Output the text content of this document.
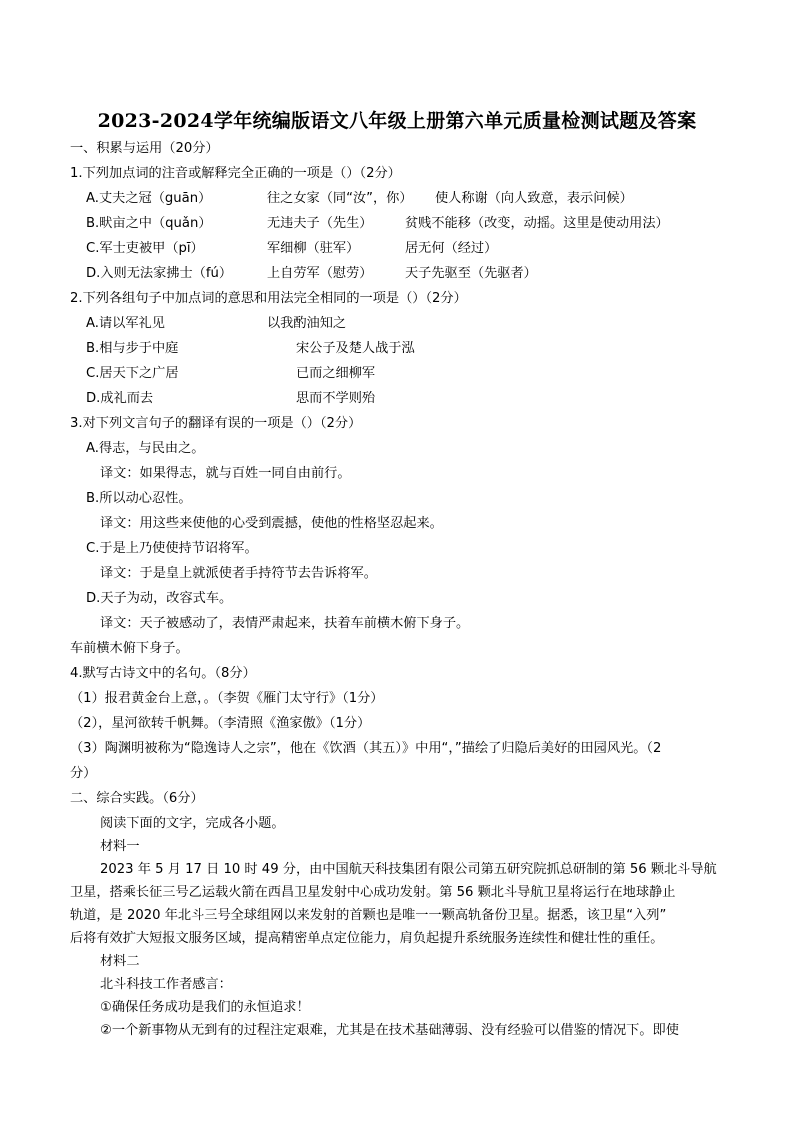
2023-2024学年统编版语文八年级上册第六单元质量检测试题及答案
一、积累与运用（20分）
1.下列加点词的注音或解释完全正确的一项是（）（2分）
A.丈夫之冠（guān）	往之女家（同“汝”，你） 使人称谢（向人致意，表示问候）
B.畎亩之中（quǎn）	无违夫子（先生） 贫贱不能移（改变，动摇。这里是使动用法）
C.军士吏被甲（pī）	军细柳（驻军）	居无何（经过）
D.入则无法家拂士（fú）	上自劳军（慰劳） 天子先驱至（先驱者）
2.下列各组句子中加点词的意思和用法完全相同的一项是（）（2分）
A.请以军礼见	以我酌油知之
B.相与步于中庭	宋公子及楚人战于泓
C.居天下之广居	已而之细柳军
D.成礼而去	思而不学则殆
3.对下列文言句子的翻译有误的一项是（）（2分）
A.得志，与民由之。
译文：如果得志，就与百姓一同自由前行。
B.所以动心忍性。
译文：用这些来使他的心受到震撼，使他的性格坚忍起来。
C.于是上乃使使持节诏将军。
译文：于是皇上就派使者手持符节去告诉将军。
D.天子为动，改容式车。
译文：天子被感动了，表情严肃起来，扶着车前横木俯下身子。
车前横木俯下身子。
4.默写古诗文中的名句。（8分）
（1）报君黄金台上意，。（李贺《雁门太守行》（1分）
（2），星河欲转千帆舞。（李清照《渔家傲》（1分）
（3）陶渊明被称为“隐逸诗人之宗”，他在《饮酒（其五）》中用“，”描绘了归隐后美好的田园风光。（2
分）
二、综合实践。（6分）
阅读下面的文字，完成各小题。
材料一
2023 年 5 月 17 日 10 时 49 分，由中国航天科技集团有限公司第五研究院抓总研制的第 56 颗北斗导航
卫星，搭乘长征三号乙运载火箭在西昌卫星发射中心成功发射。第 56 颗北斗导航卫星将运行在地球静止
轨道，是 2020 年北斗三号全球组网以来发射的首颗也是唯一一颗高轨备份卫星。据悉，该卫星“入列”
后将有效扩大短报文服务区域，提高精密单点定位能力，肩负起提升系统服务连续性和健壮性的重任。
材料二
北斗科技工作者感言：
①确保任务成功是我们的永恒追求！
②一个新事物从无到有的过程注定艰难，尤其是在技术基础薄弱、没有经验可以借鉴的情况下。即使
